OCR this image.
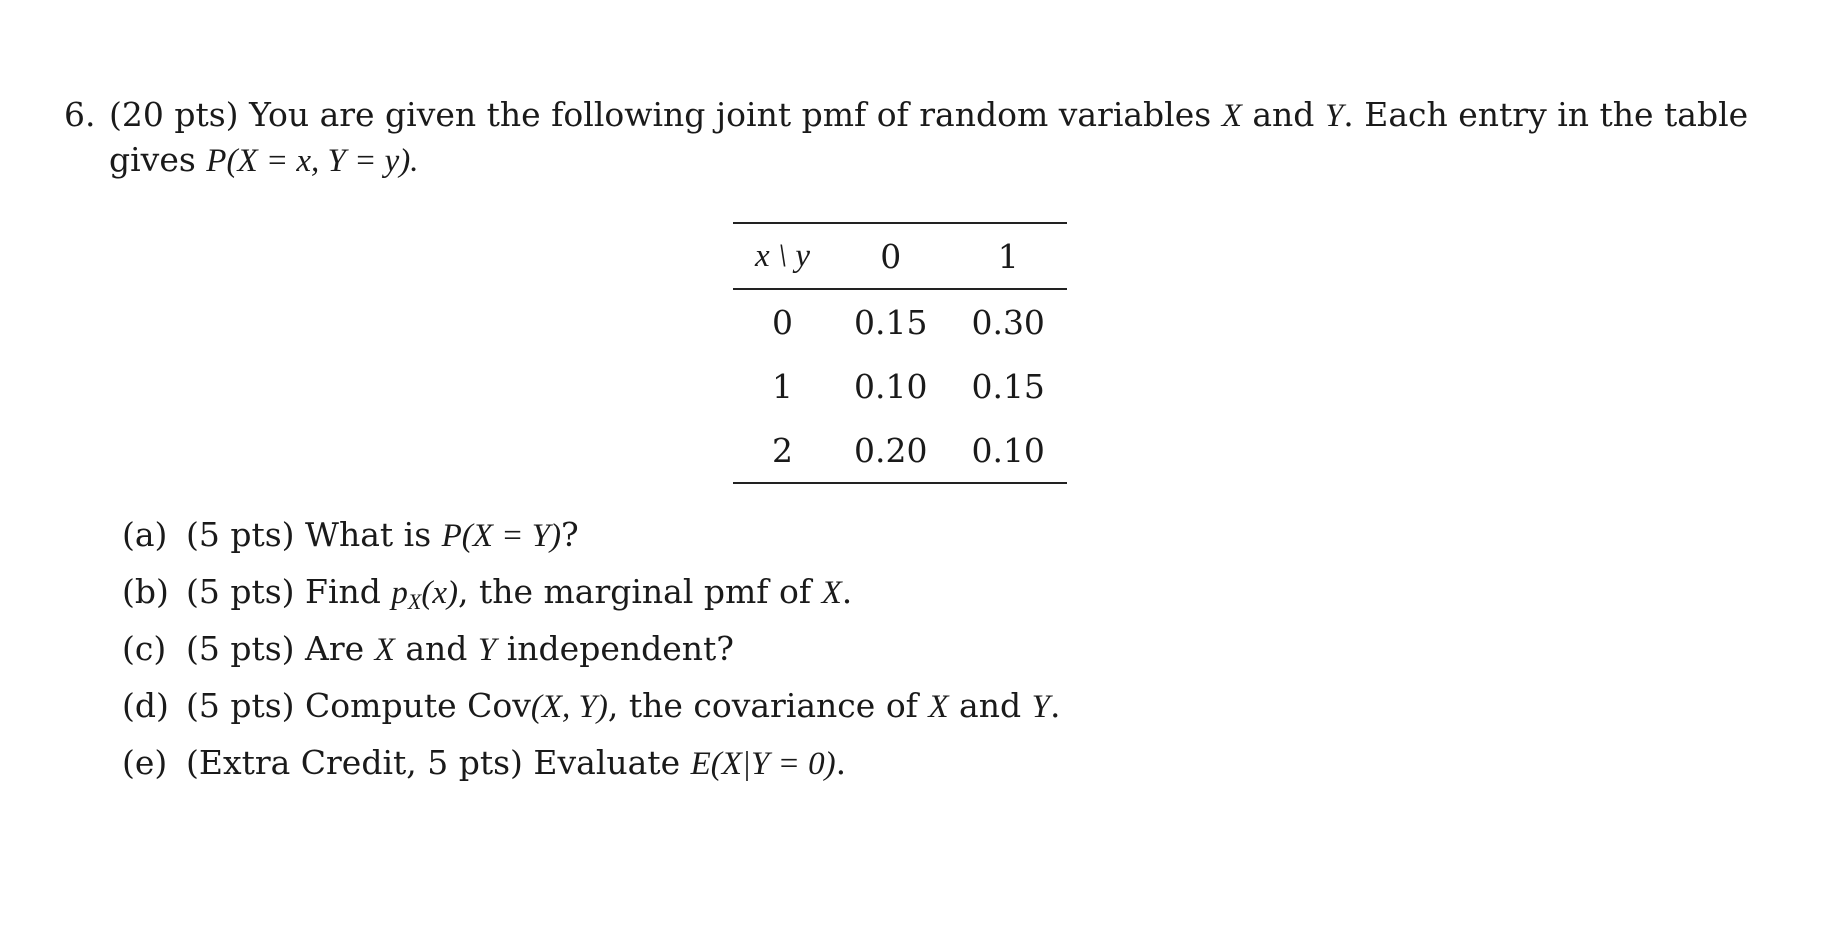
6. (20 pts) You are given the following joint pmf of random variables X and Y. Each entry in the table
gives P(X = x, Y = y).
x \ y	0	1
0	0.15	0.30
1	0.10	0.15
2	0.20	0.10
(a) (5 pts) What is P(X = Y)?
(b) (5 pts) Find $p_X(x)$, the marginal pmf of X.
(c) (5 pts) Are X and Y independent?
(d) (5 pts) Compute Cov(X, Y), the covariance of X and Y.
(e) (Extra Credit, 5 pts) Evaluate E(X|Y = 0).
